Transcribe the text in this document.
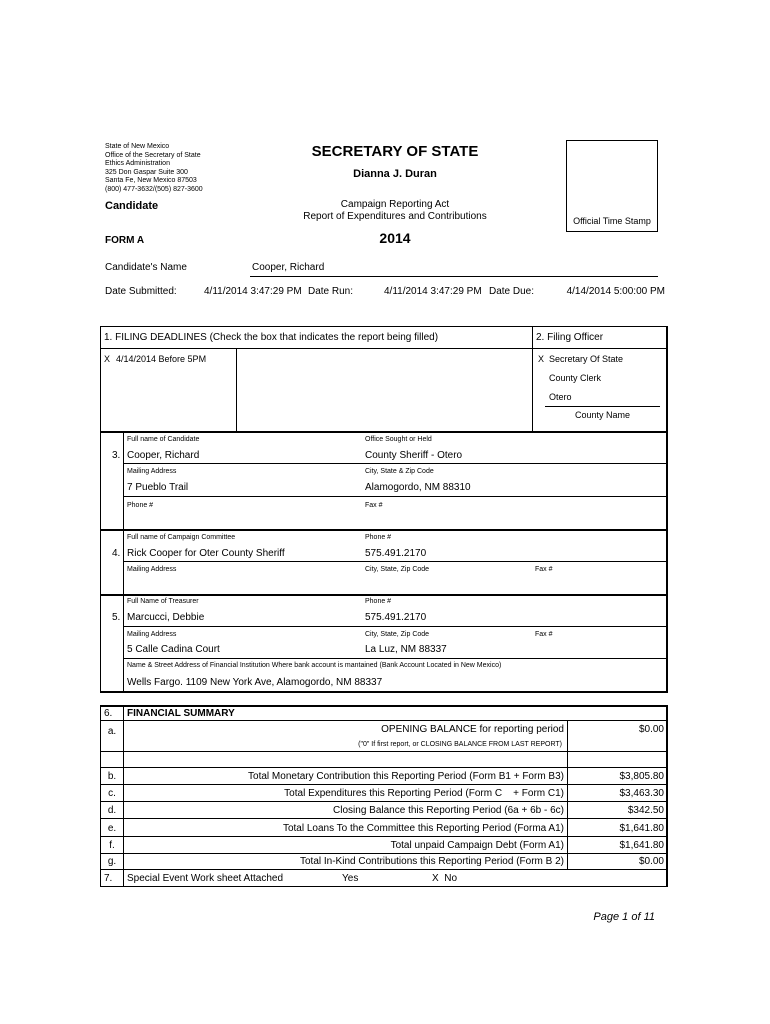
State of New Mexico
Office of the Secretary of State
Ethics Administration
325 Don Gaspar Suite 300
Santa Fe, New Mexico 87503
(800) 477-3632/(505) 827-3600
SECRETARY OF STATE
Dianna J. Duran
Candidate	Campaign Reporting Act
Report of Expenditures and Contributions	Official Time Stamp
FORM A	2014
Candidate's Name	Cooper, Richard
Date Submitted:	4/11/2014 3:47:29 PM Date Run:	4/11/2014 3:47:29 PM Date Due:	4/14/2014 5:00:00 PM
1. FILING DEADLINES (Check the box that indicates the report being filled)	2. Filing Officer
X 4/14/2014 Before 5PM	X Secretary Of State
County Clerk
Otero
County Name
Full name of Candidate	Office Sought or Held
3. Cooper, Richard	County Sheriff - Otero
Mailing Address	City, State & Zip Code
7 Pueblo Trail	Alamogordo, NM 88310
Phone #	Fax #
Full name of Campaign Committee	Phone #
4. Rick Cooper for Oter County Sheriff	575.491.2170
Mailing Address	City, State, Zip Code	Fax #
Full Name of Treasurer	Phone #
5. Marcucci, Debbie	575.491.2170
Mailing Address	City, State, Zip Code	Fax #
5 Calle Cadina Court	La Luz, NM 88337
Name & Street Address of Financial Institution Where bank account is mantained (Bank Account Located in New Mexico)
Wells Fargo. 1109 New York Ave, Alamogordo, NM 88337
6. FINANCIAL SUMMARY
a.	OPENING BALANCE for reporting period	$0.00
("0" If first report, or CLOSING BALANCE FROM LAST REPORT)
b.	Total Monetary Contribution this Reporting Period (Form B1 + Form B3)	$3,805.80
c.	Total Expenditures this Reporting Period (Form C    + Form C1)	$3,463.30
d.	Closing Balance this Reporting Period (6a + 6b - 6c)	$342.50
e.	Total Loans To the Committee this Reporting Period (Forma A1)	$1,641.80
f.	Total unpaid Campaign Debt (Form A1)	$1,641.80
g.	Total In-Kind Contributions this Reporting Period (Form B 2)	$0.00
7. Special Event Work sheet Attached	Yes	X  No
Page 1 of 11
